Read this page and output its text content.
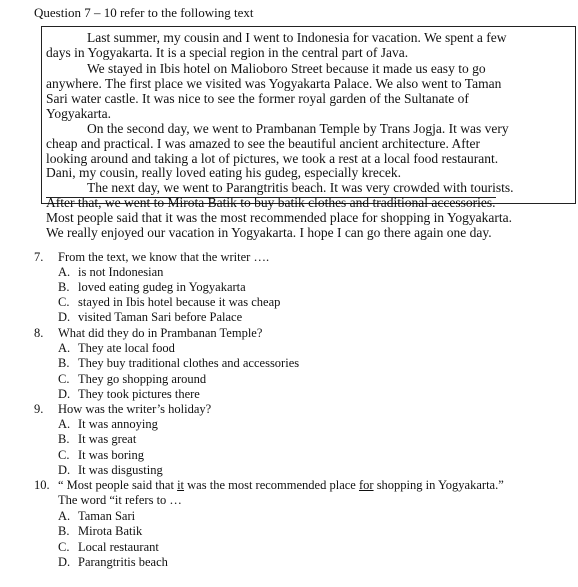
Question 7 – 10 refer to the following text
Last summer, my cousin and I went to Indonesia for vacation. We spent a few
days in Yogyakarta. It is a special region in the central part of Java.
We stayed in Ibis hotel on Malioboro Street because it made us easy to go
anywhere. The first place we visited was Yogyakarta Palace. We also went to Taman
Sari water castle. It was nice to see the former royal garden of the Sultanate of
Yogyakarta.
On the second day, we went to Prambanan Temple by Trans Jogja. It was very
cheap and practical. I was amazed to see the beautiful ancient architecture. After
looking around and taking a lot of pictures, we took a rest at a local food restaurant.
Dani, my cousin, really loved eating his gudeg, especially krecek.
The next day, we went to Parangtritis beach. It was very crowded with tourists.
After that, we went to Mirota Batik to buy batik clothes and traditional accessories.
Most people said that it was the most recommended place for shopping in Yogyakarta.
We really enjoyed our vacation in Yogyakarta. I hope I can go there again one day.
7. From the text, we know that the writer ….
A. is not Indonesian
B. loved eating gudeg in Yogyakarta
C. stayed in Ibis hotel because it was cheap
D. visited Taman Sari before Palace
8. What did they do in Prambanan Temple?
A. They ate local food
B. They buy traditional clothes and accessories
C. They go shopping around
D. They took pictures there
9. How was the writer’s holiday?
A. It was annoying
B. It was great
C. It was boring
D. It was disgusting
10. “ Most people said that it was the most recommended place for shopping in Yogyakarta.”
The word “it refers to …
A. Taman Sari
B. Mirota Batik
C. Local restaurant
D. Parangtritis beach
